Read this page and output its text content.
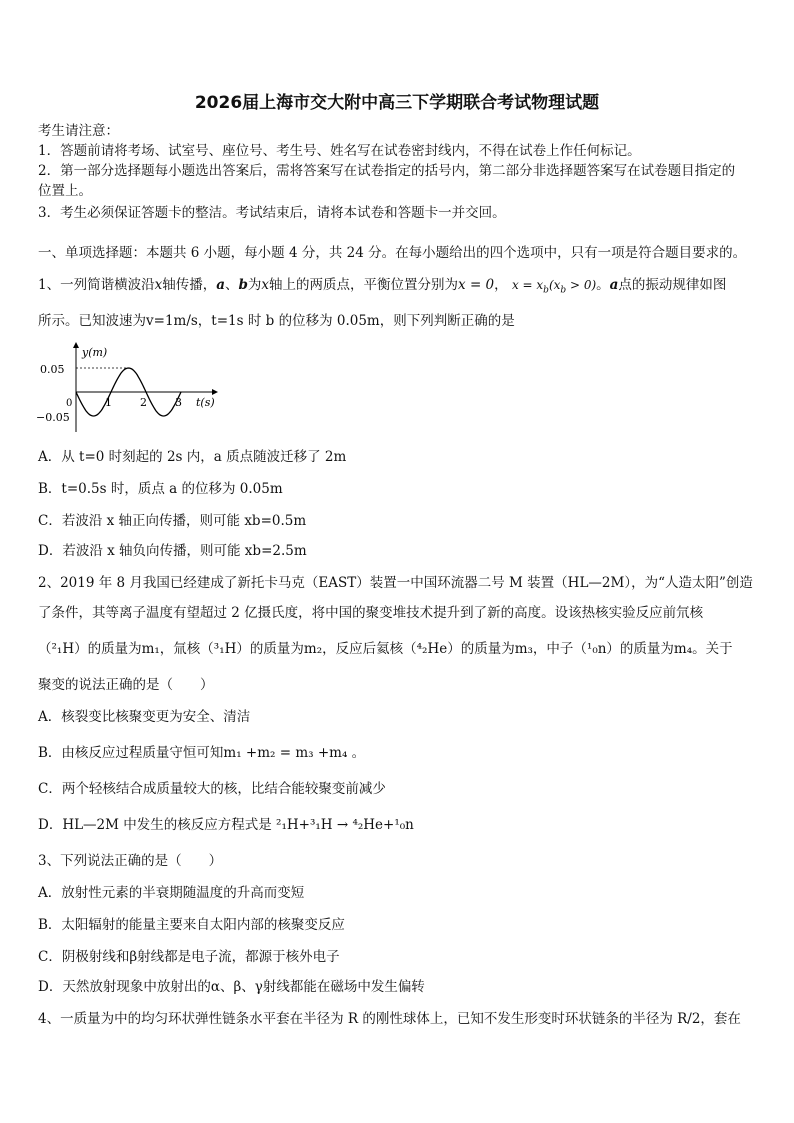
2026届上海市交大附中高三下学期联合考试物理试题
考生请注意：
1．答题前请将考场、试室号、座位号、考生号、姓名写在试卷密封线内，不得在试卷上作任何标记。
2．第一部分选择题每小题选出答案后，需将答案写在试卷指定的括号内，第二部分非选择题答案写在试卷题目指定的
位置上。
3．考生必须保证答题卡的整洁。考试结束后，请将本试卷和答题卡一并交回。
一、单项选择题：本题共 6 小题，每小题 4 分，共 24 分。在每小题给出的四个选项中，只有一项是符合题目要求的。
1、一列简谐横波沿x轴传播，a、b为x轴上的两质点，平衡位置分别为x = 0， $x = x_b(x_b > 0)$。a点的振动规律如图
所示。已知波速为v=1m/s，t=1s 时 b 的位移为 0.05m，则下列判断正确的是
y(m)
t(s)
0.05
−0.05
0	1	2	3
A．从 t=0 时刻起的 2s 内，a 质点随波迁移了 2m
B．t=0.5s 时，质点 a 的位移为 0.05m
C．若波沿 x 轴正向传播，则可能 xb=0.5m
D．若波沿 x 轴负向传播，则可能 xb=2.5m
2、2019 年 8 月我国已经建成了新托卡马克（EAST）装置一中国环流器二号 M 装置（HL—2M），为“人造太阳”创造
了条件，其等离子温度有望超过 2 亿摄氏度，将中国的聚变堆技术提升到了新的高度。设该热核实验反应前氘核
（²₁H）的质量为m₁，氚核（³₁H）的质量为m₂，反应后氦核（⁴₂He）的质量为m₃，中子（¹₀n）的质量为m₄。关于
聚变的说法正确的是（　　）
A．核裂变比核聚变更为安全、清洁
B．由核反应过程质量守恒可知m₁ +m₂ = m₃ +m₄ 。
C．两个轻核结合成质量较大的核，比结合能较聚变前减少
D．HL—2M 中发生的核反应方程式是 ²₁H+³₁H → ⁴₂He+¹₀n
3、下列说法正确的是（　　）
A．放射性元素的半衰期随温度的升高而变短
B．太阳辐射的能量主要来自太阳内部的核聚变反应
C．阴极射线和β射线都是电子流，都源于核外电子
D．天然放射现象中放射出的α、β、γ射线都能在磁场中发生偏转
4、一质量为中的均匀环状弹性链条水平套在半径为 R 的刚性球体上，已知不发生形变时环状链条的半径为 R/2，套在
